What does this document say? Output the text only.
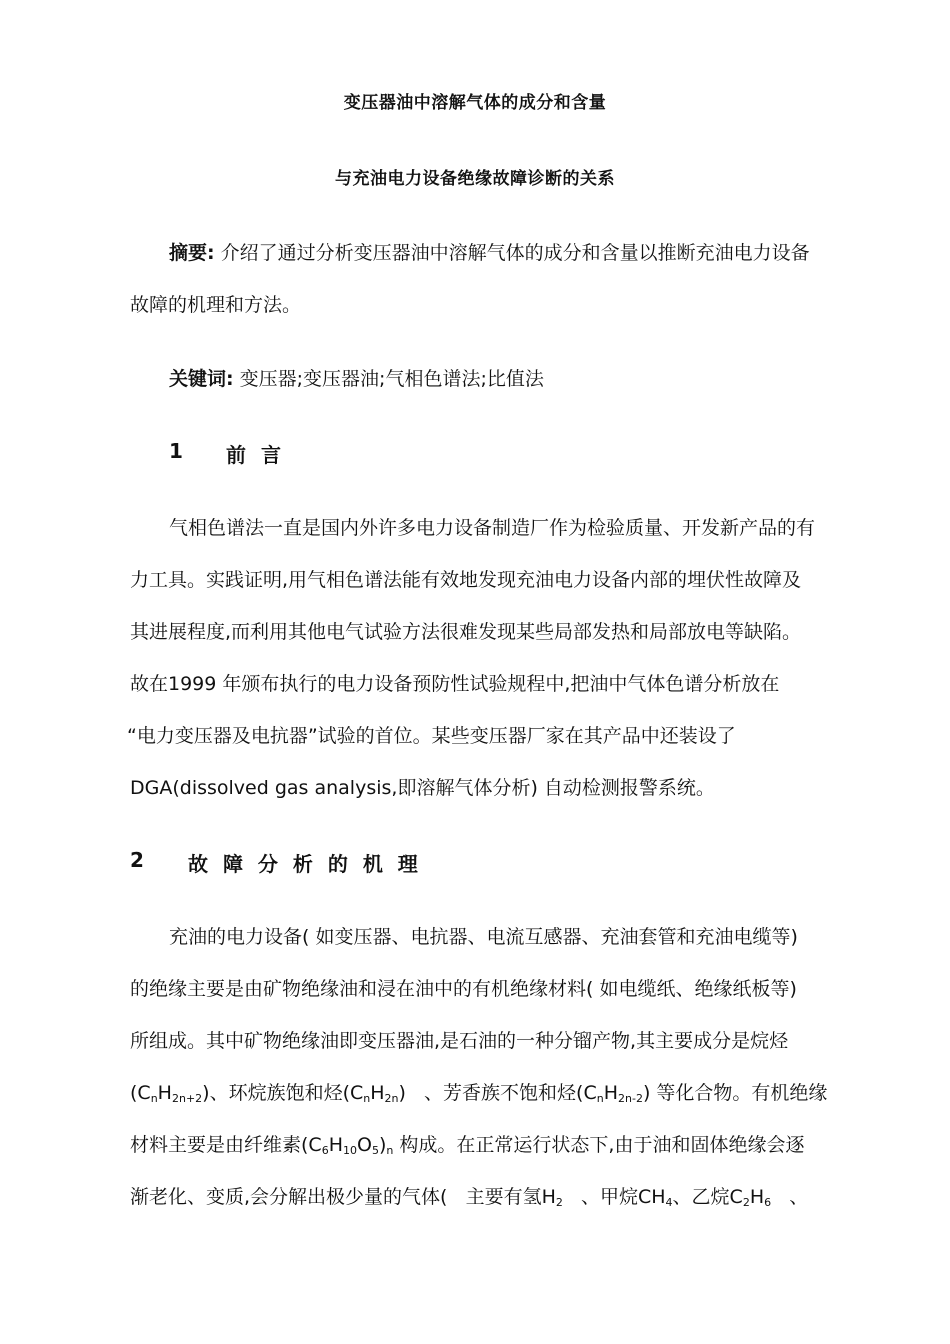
变压器油中溶解气体的成分和含量
与充油电力设备绝缘故障诊断的关系
摘要: 介绍了通过分析变压器油中溶解气体的成分和含量以推断充油电力设备
故障的机理和方法。
关键词: 变压器;变压器油;气相色谱法;比值法
1 前 言
气相色谱法一直是国内外许多电力设备制造厂作为检验质量、开发新产品的有
力工具。实践证明,用气相色谱法能有效地发现充油电力设备内部的埋伏性故障及
其进展程度,而利用其他电气试验方法很难发现某些局部发热和局部放电等缺陷。
故在1999 年颁布执行的电力设备预防性试验规程中,把油中气体色谱分析放在
“电力变压器及电抗器”试验的首位。某些变压器厂家在其产品中还装设了
DGA(dissolved gas analysis,即溶解气体分析) 自动检测报警系统。
2 故 障 分 析 的 机 理
充油的电力设备( 如变压器、电抗器、电流互感器、充油套管和充油电缆等)
的绝缘主要是由矿物绝缘油和浸在油中的有机绝缘材料( 如电缆纸、绝缘纸板等)
所组成。其中矿物绝缘油即变压器油,是石油的一种分镏产物,其主要成分是烷烃
$(C_nH_{2n+2})$、环烷族饱和烃$(C_nH_{2n})$   、芳香族不饱和烃$(C_nH_{2n-2})$ 等化合物。有机绝缘
材料主要是由纤维素$(C_6H_{10}O_5)_n$ 构成。在正常运行状态下,由于油和固体绝缘会逐
渐老化、变质,会分解出极少量的气体(   主要有氢$H_2$   、甲烷$CH_4$、乙烷$C_2H_6$   、
